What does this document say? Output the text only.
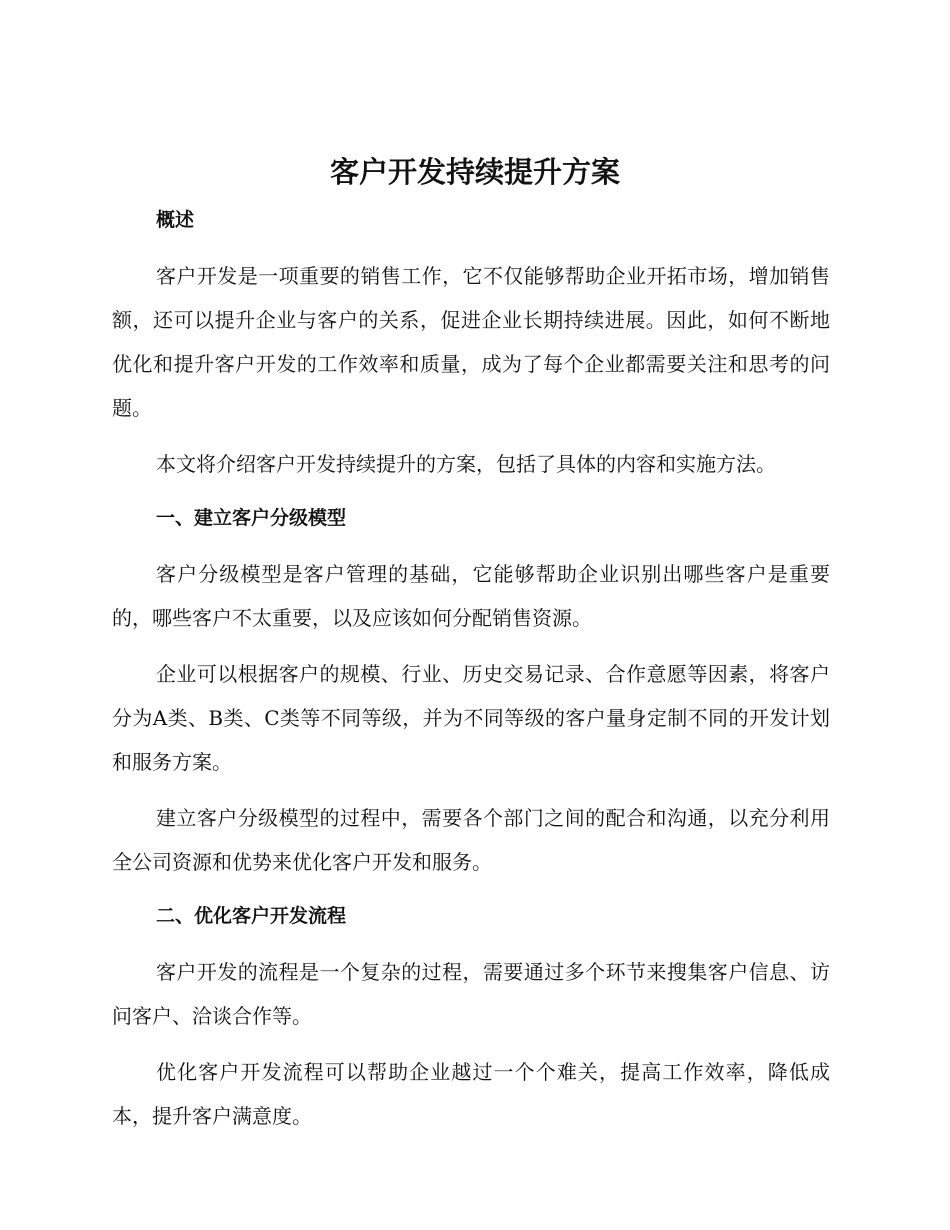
客户开发持续提升方案
概述

客户开发是一项重要的销售工作，它不仅能够帮助企业开拓市场，增加销售额，还可以提升企业与客户的关系，促进企业长期持续进展。因此，如何不断地优化和提升客户开发的工作效率和质量，成为了每个企业都需要关注和思考的问题。

本文将介绍客户开发持续提升的方案，包括了具体的内容和实施方法。

一、建立客户分级模型

客户分级模型是客户管理的基础，它能够帮助企业识别出哪些客户是重要的，哪些客户不太重要，以及应该如何分配销售资源。

企业可以根据客户的规模、行业、历史交易记录、合作意愿等因素，将客户分为A类、B类、C类等不同等级，并为不同等级的客户量身定制不同的开发计划和服务方案。

建立客户分级模型的过程中，需要各个部门之间的配合和沟通，以充分利用全公司资源和优势来优化客户开发和服务。

二、优化客户开发流程

客户开发的流程是一个复杂的过程，需要通过多个环节来搜集客户信息、访问客户、洽谈合作等。

优化客户开发流程可以帮助企业越过一个个难关，提高工作效率，降低成本，提升客户满意度。
